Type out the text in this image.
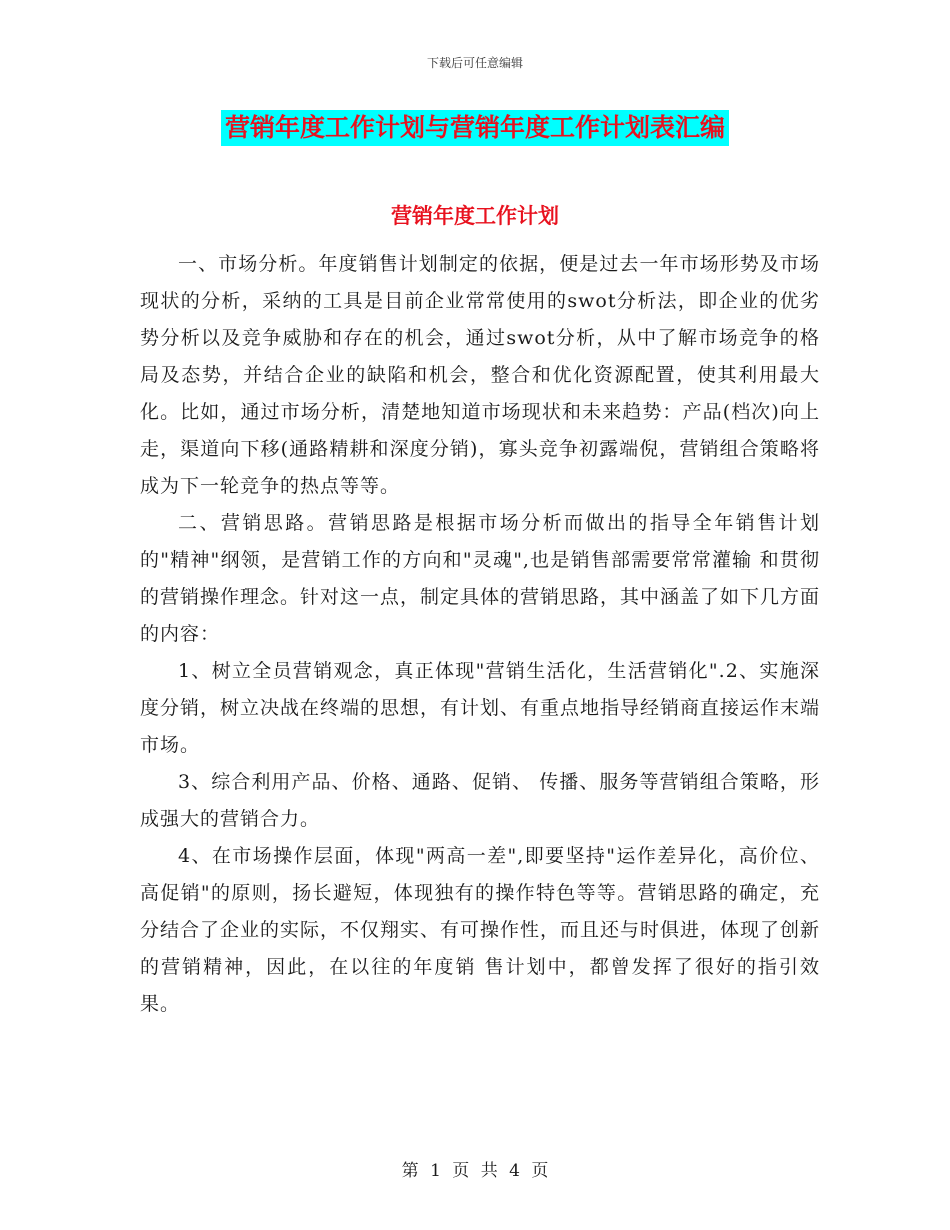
下载后可任意编辑
营销年度工作计划与营销年度工作计划表汇编
营销年度工作计划

一、市场分析。年度销售计划制定的依据，便是过去一年市场形势及市场现状的分析，采纳的工具是目前企业常常使用的swot分析法，即企业的优劣势分析以及竞争威胁和存在的机会，通过swot分析，从中了解市场竞争的格局及态势，并结合企业的缺陷和机会，整合和优化资源配置，使其利用最大化。比如，通过市场分析，清楚地知道市场现状和未来趋势：产品(档次)向上走，渠道向下移(通路精耕和深度分销)，寡头竞争初露端倪，营销组合策略将成为下一轮竞争的热点等等。

二、营销思路。营销思路是根据市场分析而做出的指导全年销售计划的"精神"纲领，是营销工作的方向和"灵魂",也是销售部需要常常灌输 和贯彻的营销操作理念。针对这一点，制定具体的营销思路，其中涵盖了如下几方面的内容：

1、树立全员营销观念，真正体现"营销生活化，生活营销化".2、实施深度分销，树立决战在终端的思想，有计划、有重点地指导经销商直接运作末端市场。

3、综合利用产品、价格、通路、促销、 传播、服务等营销组合策略，形成强大的营销合力。

4、在市场操作层面，体现"两高一差",即要坚持"运作差异化，高价位、高促销"的原则，扬长避短，体现独有的操作特色等等。营销思路的确定，充分结合了企业的实际，不仅翔实、有可操作性，而且还与时俱进，体现了创新的营销精神，因此，在以往的年度销 售计划中，都曾发挥了很好的指引效果。

第 1 页 共 4 页
